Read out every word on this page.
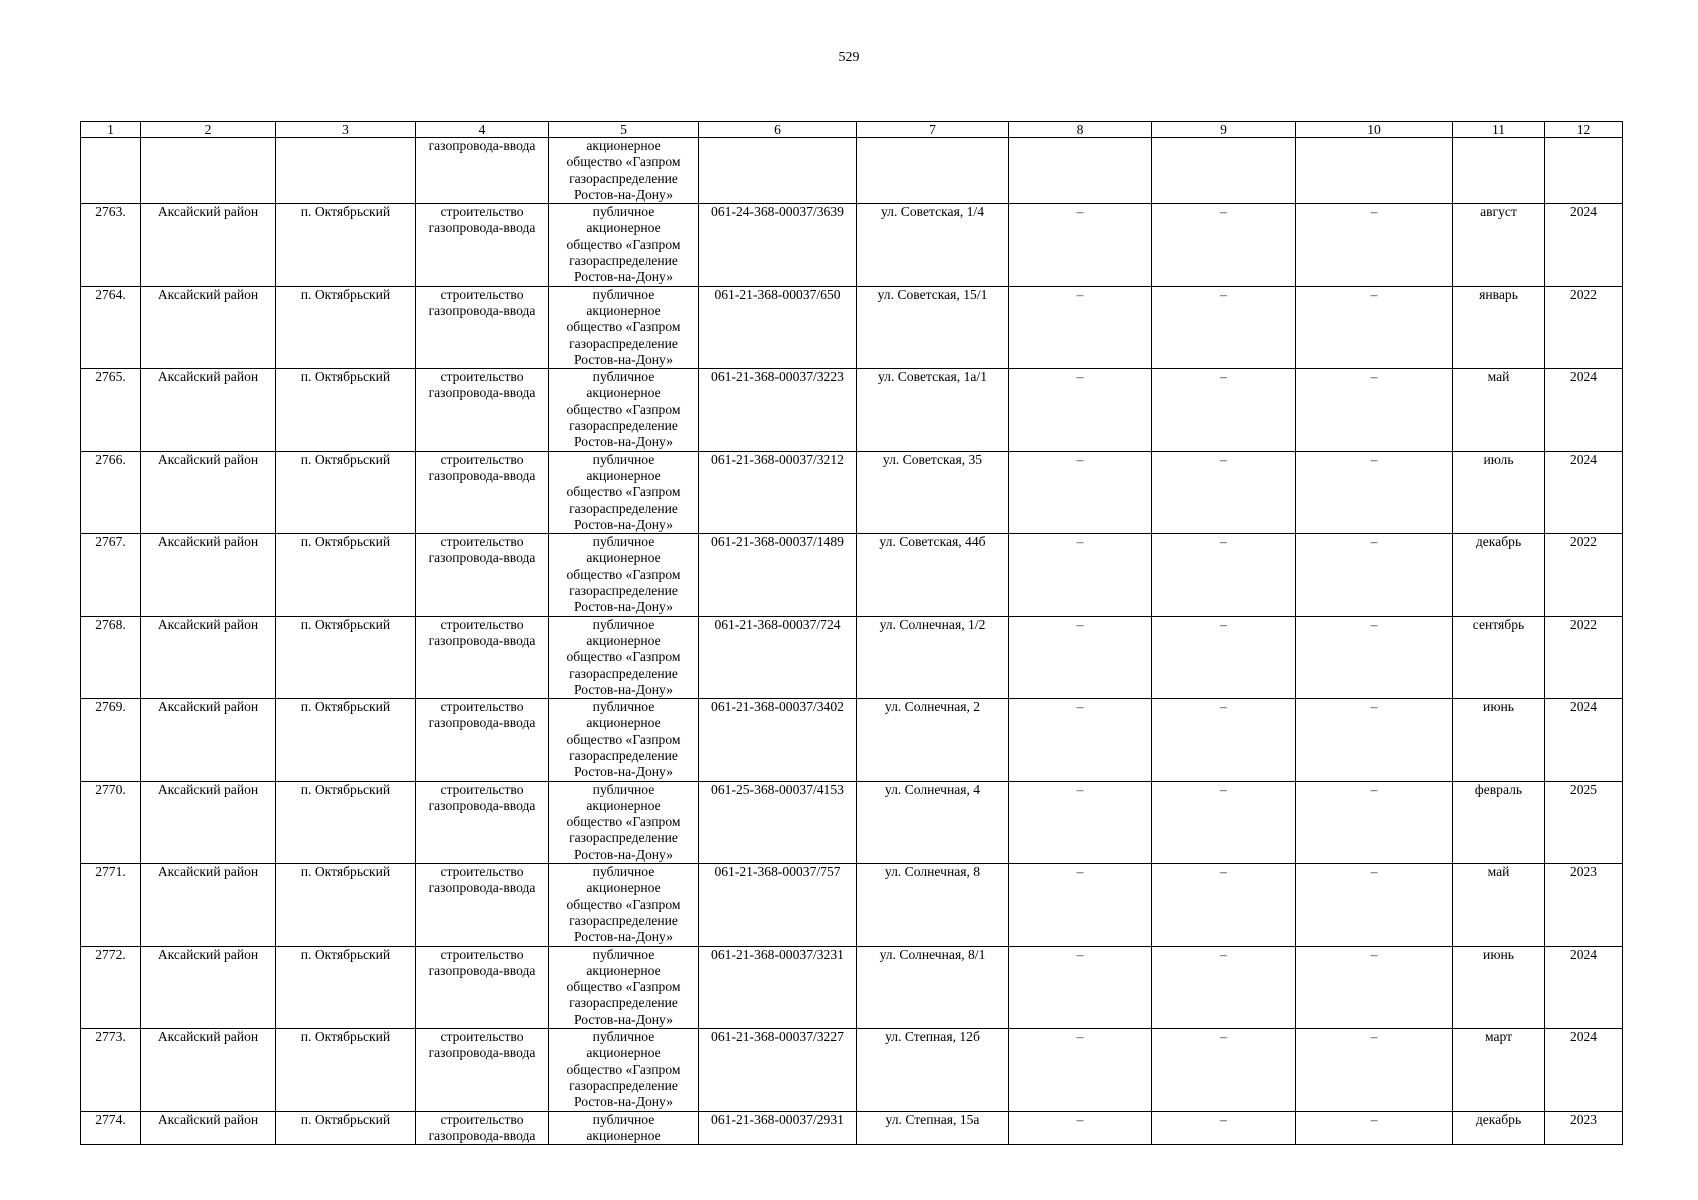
529
1	2	3	4	5	6	7	8	9	10	11	12

			газопровода-ввода	акционерное
общество «Газпром
газораспределение
Ростов-на-Дону»							

2763.	Аксайский район	п. Октябрьский	строительство
газопровода-ввода	публичное
акционерное
общество «Газпром
газораспределение
Ростов-на-Дону»	061-24-368-00037/3639	ул. Советская, 1/4	–	–	–	август	2024
2764.	Аксайский район	п. Октябрьский	строительство
газопровода-ввода	публичное
акционерное
общество «Газпром
газораспределение
Ростов-на-Дону»	061-21-368-00037/650	ул. Советская, 15/1	–	–	–	январь	2022
2765.	Аксайский район	п. Октябрьский	строительство
газопровода-ввода	публичное
акционерное
общество «Газпром
газораспределение
Ростов-на-Дону»	061-21-368-00037/3223	ул. Советская, 1а/1	–	–	–	май	2024
2766.	Аксайский район	п. Октябрьский	строительство
газопровода-ввода	публичное
акционерное
общество «Газпром
газораспределение
Ростов-на-Дону»	061-21-368-00037/3212	ул. Советская, 35	–	–	–	июль	2024
2767.	Аксайский район	п. Октябрьский	строительство
газопровода-ввода	публичное
акционерное
общество «Газпром
газораспределение
Ростов-на-Дону»	061-21-368-00037/1489	ул. Советская, 44б	–	–	–	декабрь	2022
2768.	Аксайский район	п. Октябрьский	строительство
газопровода-ввода	публичное
акционерное
общество «Газпром
газораспределение
Ростов-на-Дону»	061-21-368-00037/724	ул. Солнечная, 1/2	–	–	–	сентябрь	2022
2769.	Аксайский район	п. Октябрьский	строительство
газопровода-ввода	публичное
акционерное
общество «Газпром
газораспределение
Ростов-на-Дону»	061-21-368-00037/3402	ул. Солнечная, 2	–	–	–	июнь	2024
2770.	Аксайский район	п. Октябрьский	строительство
газопровода-ввода	публичное
акционерное
общество «Газпром
газораспределение
Ростов-на-Дону»	061-25-368-00037/4153	ул. Солнечная, 4	–	–	–	февраль	2025
2771.	Аксайский район	п. Октябрьский	строительство
газопровода-ввода	публичное
акционерное
общество «Газпром
газораспределение
Ростов-на-Дону»	061-21-368-00037/757	ул. Солнечная, 8	–	–	–	май	2023
2772.	Аксайский район	п. Октябрьский	строительство
газопровода-ввода	публичное
акционерное
общество «Газпром
газораспределение
Ростов-на-Дону»	061-21-368-00037/3231	ул. Солнечная, 8/1	–	–	–	июнь	2024
2773.	Аксайский район	п. Октябрьский	строительство
газопровода-ввода	публичное
акционерное
общество «Газпром
газораспределение
Ростов-на-Дону»	061-21-368-00037/3227	ул. Степная, 12б	–	–	–	март	2024
2774.	Аксайский район	п. Октябрьский	строительство
газопровода-ввода	публичное
акционерное	061-21-368-00037/2931	ул. Степная, 15а	–	–	–	декабрь	2023
